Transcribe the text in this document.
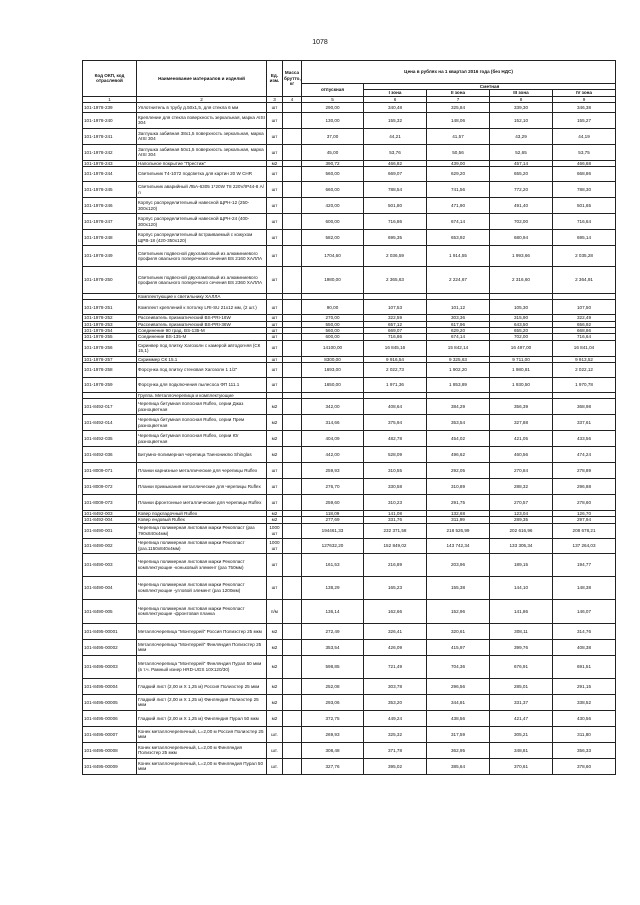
1078
Код ОКП, код отраслевой	Наименование материалов и изделий	Ед. изм.	Масса брутто, кг	Цена в рублях на 1 квартал 2016 года (без НДС)				
				отпускная	Сметная			
					I зона	II зона	III зона	IV зона

1	2	3	4	5	6	7	8	9
101-1978-239	Уплотнитель в трубу д.50х1,5, для стекла 6 мм	шт		290,00	340,48	325,84	339,30	346,38
101-1978-240	Креплениe для стекла поверхность зеркальная, марка AISI 304	шт		130,00	155,32	148,06	152,10	155,27
101-1978-241	Заглушка забивная 38х1,5 поверхность зеркальная, марка AISI 304	шт		37,00	44,21	41,57	43,29	44,19
101-1978-242	Заглушка забивная 50х1,5 поверхность зеркальная, марка AISI 304	шт		45,00	53,76	50,56	52,65	53,75
101-1978-243	Напольное покрытие "Престиж"	м2		390,72	466,82	439,00	457,14	466,68
101-1978-244	Светильник Т4-1072 подсветка для картин 20 W CHR	шт		560,00	669,07	629,20	655,20	668,86
101-1978-245	Светильник аварийный ЛБА-6305 1*20W Т8 220V/IP44-8 А/л	шт		660,00	788,54	741,56	772,20	788,30
101-1978-246	Корпус распределительный навесной ЩРН-12 (250-300х120)	шт		420,00	501,80	471,90	491,40	501,65
101-1978-247	Корпус распределительный навесной ЩРН-24 (400-300х120)	шт		600,00	716,86	674,14	702,00	716,64
101-1978-248	Корпус распределительный встраиваемый с кожухом ЩРВ-18 (420-350х120)	шт		582,00	695,35	653,92	680,94	695,14
101-1978-249	Светильник подвесной двухламповый из алюминиевого профиля овального поперечного сечения BS 2160 ХАЛЛА	шт		1704,60	2 036,59	1 914,55	1 993,66	2 035,28
101-1978-250	Светильник подвесной двухламповый из алюминиевого профиля овального поперечного сечения BS 2360 ХАЛЛА	шт		1980,00	2 365,63	2 224,67	2 316,60	2 364,91
	Комплектующие к светильнику ХАЛЛА							
101-1978-251	Комплект креплений к потолку LRI-SU 21х12 мм, (2 шт.)	шт		90,00	107,53	101,12	105,30	107,50
101-1978-252	Рассеиватель призматический BS-PRI-16W	шт		270,00	322,59	303,36	315,90	322,49
101-1978-253	Рассеиватель призматический BS-PRI-36W	шт		550,00	657,12	617,96	643,50	656,92
101-1978-254	Соединение 90 град. BS-135-М	шт		560,00	669,07	629,20	655,20	668,86
101-1978-255	Соединение BS-135-М	шт		600,00	716,86	674,14	702,00	716,64
101-1978-256	Скринвер под плитку Хагозолн с камерой автодогняя (СК 15,1)	шт		14100,00	16 845,16	15 842,14	16 497,00	16 841,04
101-1978-257	Скриммер СК 15.1	шт		8300,00	9 916,54	9 325,63	9 711,00	9 913,52
101-1978-258	Форсунка под плитку стеновая Хагозолн 1 1/2"	шт		1693,00	2 022,73	1 902,20	1 980,81	2 022,12
101-1978-259	Форсунка для подключения пылесоса ФП 111.1	шт		1650,00	1 971,36	1 853,89	1 930,50	1 970,78
	Группа. Металлочерепица и комплектующие							
101-8492-017	Черепица битумная полосная Ruflex, серии Джаз разноцветная	м2		342,00	408,64	384,29	356,39	368,98
101-8492-014	Черепица битумная полосная Ruflex, серии Прем разноцветная	м2		314,66	375,94	353,54	327,88	337,61
101-8492-035	Черепица битумная полосная Ruflex, серии Юг разноцветная	м2		404,09	482,78	454,02	421,05	433,56
101-8492-036	Битумно-полимерная черепица Таенониклю Shinglas	м2		442,00	528,09	496,62	460,56	474,24
101-8009-071	Планки карнизные металлические для черепицы Ruflex	шт		259,93	310,55	292,05	270,84	278,89
101-8009-072	Планки примыкания металлические для черепицы Ruflex	шт		276,70	330,58	310,89	288,32	296,88
101-8009-073	Планки фронтонные металлические для черепицы Ruflex	шт		259,60	310,23	291,75	270,57	278,60
101-8492-003	Ковер подкладочный Ruflex	м2		118,09	141,08	132,68	123,04	126,70
101-8492-004	Ковер ендовый Ruflex	м2		277,69	331,76	311,99	289,35	297,94
101-8490-001	Черепица полимерная листовая марки Рекопласт (раз 790х840х4мм)	1000 шт		194461,33	232 371,58	218 526,99	202 616,96	208 678,21
101-8490-002	Черепица полимерная листовая марки Рекопласт (раз.1150х840х4мм)	1000 шт		127632,20	152 849,02	143 742,34	133 305,34	137 264,03
101-8490-003	Черепица полимерная листовая марки Рекопласт комплектующие -коньковый элемент (раз 750мм)	шт		161,53	216,89	203,96	189,15	194,77
101-8490-004	Черепица полимерная листовая марки Рекопласт комплектующие -угловой элемент (раз 1200мм)	шт		138,29	165,23	155,38	144,10	148,38
101-8490-005	Черепица полимерная листовая марки Рекопласт комплектующие -фронтовая планка	п/м		136,14	162,66	152,96	141,86	146,07
101-8495-00001	Металлочерепица "Монтеррей" Россия Полиэстер 25 мкм	м2		272,49	326,41	320,61	308,11	314,76
101-8495-00002	Металлочерепица "Монтеррей" Финляндия Полиэстер 25 мкм	м2		353,54	426,09	415,97	399,76	408,38
101-8495-00003	Металлочерепица "Монтеррей" Финляндия Пурал 50 мкм (в т.ч. Рамный изнер HRD-UGS 10Х120/30)	м2		598,85	721,49	704,36	676,91	691,51
101-8495-00004	Гладкий лист (2,00 м Х 1,25 м) Россия Полиэстер 25 мкм	м2		252,08	303,78	296,56	285,01	291,15
101-8495-00005	Гладкий лист (2,00 м Х 1,25 м) Финляндия Полиэстер 25 мкм	м2		293,06	353,20	344,81	331,37	338,52
101-8495-00006	Гладкий лист (2,00 м Х 1,25 м) Финляндия Пурал 50 мкм	м2		372,75	449,24	438,56	421,47	430,56
101-8495-00007	Конек металлочерепичный, L=2,00 м Россия Полиэстер 25 мкм	шт.		269,93	325,32	317,59	305,21	311,80
101-8495-00008	Конек металлочерепичный, L=2,00 м Финляндия Полиэстер 25 мкм	шт.		308,48	371,78	362,95	348,81	356,33
101-8495-00009	Конек металлочерепичный, L=2,00 м Финляндия Пурал 50 мкм	шт.		327,76	395,02	385,64	370,61	378,60
